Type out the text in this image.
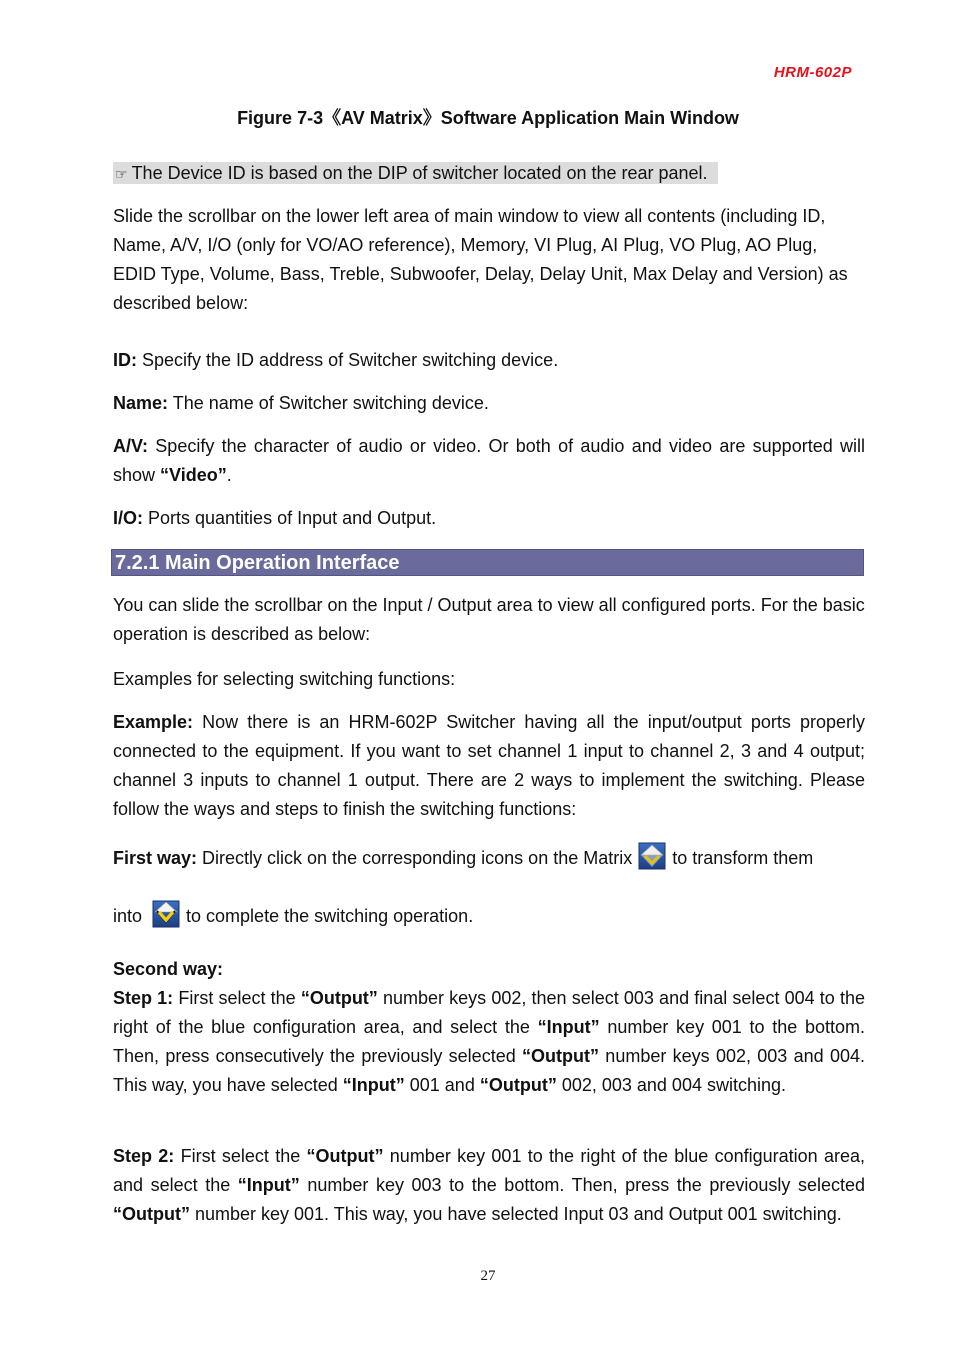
HRM-602P
Figure 7-3《AV Matrix》Software Application Main Window
☞ The Device ID is based on the DIP of switcher located on the rear panel.
Slide the scrollbar on the lower left area of main window to view all contents (including ID, Name, A/V, I/O (only for VO/AO reference), Memory, VI Plug, AI Plug, VO Plug, AO Plug, EDID Type, Volume, Bass, Treble, Subwoofer, Delay, Delay Unit, Max Delay and Version) as described below:
ID: Specify the ID address of Switcher switching device.
Name: The name of Switcher switching device.
A/V: Specify the character of audio or video. Or both of audio and video are supported will show “Video”.
I/O: Ports quantities of Input and Output.
7.2.1 Main Operation Interface
You can slide the scrollbar on the Input / Output area to view all configured ports. For the basic operation is described as below:
Examples for selecting switching functions:
Example: Now there is an HRM-602P Switcher having all the input/output ports properly connected to the equipment. If you want to set channel 1 input to channel 2, 3 and 4 output; channel 3 inputs to channel 1 output. There are 2 ways to implement the switching. Please follow the ways and steps to finish the switching functions:
First way: Directly click on the corresponding icons on the Matrix to transform them
into to complete the switching operation.
Second way:
Step 1: First select the “Output” number keys 002, then select 003 and final select 004 to the right of the blue configuration area, and select the “Input” number key 001 to the bottom. Then, press consecutively the previously selected “Output” number keys 002, 003 and 004. This way, you have selected “Input” 001 and “Output” 002, 003 and 004 switching.
Step 2: First select the “Output” number key 001 to the right of the blue configuration area, and select the “Input” number key 003 to the bottom. Then, press the previously selected “Output” number key 001. This way, you have selected Input 03 and Output 001 switching.
27
